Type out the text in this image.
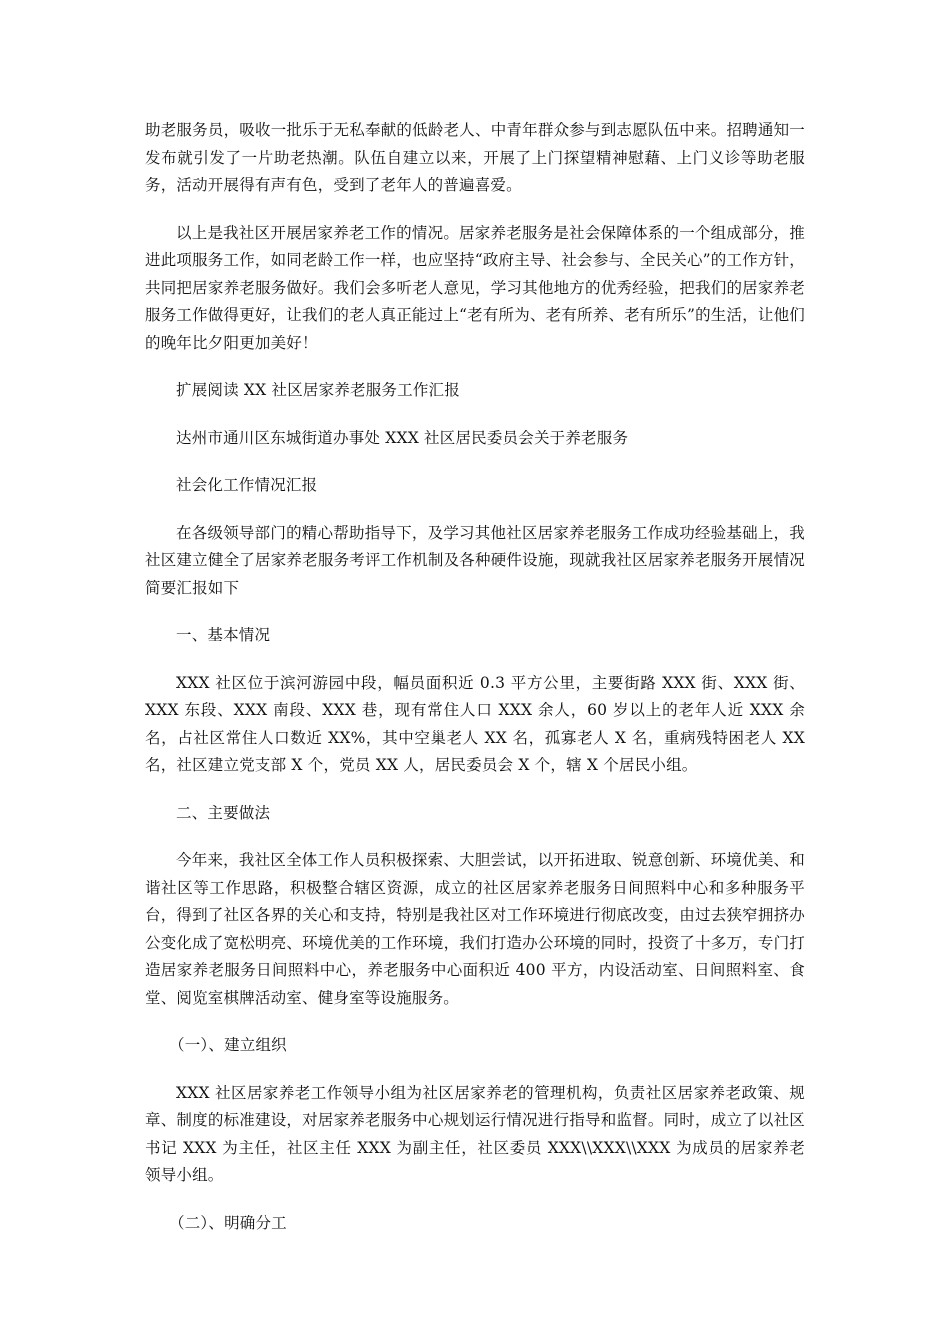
助老服务员，吸收一批乐于无私奉献的低龄老人、中青年群众参与到志愿队伍中来。招聘通知一发布就引发了一片助老热潮。队伍自建立以来，开展了上门探望精神慰藉、上门义诊等助老服务，活动开展得有声有色，受到了老年人的普遍喜爱。

以上是我社区开展居家养老工作的情况。居家养老服务是社会保障体系的一个组成部分，推进此项服务工作，如同老龄工作一样，也应坚持“政府主导、社会参与、全民关心”的工作方针，共同把居家养老服务做好。我们会多听老人意见，学习其他地方的优秀经验，把我们的居家养老服务工作做得更好，让我们的老人真正能过上“老有所为、老有所养、老有所乐”的生活，让他们的晚年比夕阳更加美好！

扩展阅读 XX 社区居家养老服务工作汇报

达州市通川区东城街道办事处 XXX 社区居民委员会关于养老服务

社会化工作情况汇报

在各级领导部门的精心帮助指导下，及学习其他社区居家养老服务工作成功经验基础上，我社区建立健全了居家养老服务考评工作机制及各种硬件设施，现就我社区居家养老服务开展情况简要汇报如下

一、基本情况

XXX 社区位于滨河游园中段，幅员面积近 0.3 平方公里，主要街路 XXX 街、XXX 街、XXX 东段、XXX 南段、XXX 巷，现有常住人口 XXX 余人，60 岁以上的老年人近 XXX 余名，占社区常住人口数近 XX%，其中空巢老人 XX 名，孤寡老人 X 名，重病残特困老人 XX 名，社区建立党支部 X 个，党员 XX 人，居民委员会 X 个，辖 X 个居民小组。

二、主要做法

今年来，我社区全体工作人员积极探索、大胆尝试，以开拓进取、锐意创新、环境优美、和谐社区等工作思路，积极整合辖区资源，成立的社区居家养老服务日间照料中心和多种服务平台，得到了社区各界的关心和支持，特别是我社区对工作环境进行彻底改变，由过去狭窄拥挤办公变化成了宽松明亮、环境优美的工作环境，我们打造办公环境的同时，投资了十多万，专门打造居家养老服务日间照料中心，养老服务中心面积近 400 平方，内设活动室、日间照料室、食堂、阅览室棋牌活动室、健身室等设施服务。

（一）、建立组织

XXX 社区居家养老工作领导小组为社区居家养老的管理机构，负责社区居家养老政策、规章、制度的标准建设，对居家养老服务中心规划运行情况进行指导和监督。同时，成立了以社区书记 XXX 为主任，社区主任 XXX 为副主任，社区委员 XXX\\XXX\\XXX 为成员的居家养老领导小组。

（二）、明确分工
